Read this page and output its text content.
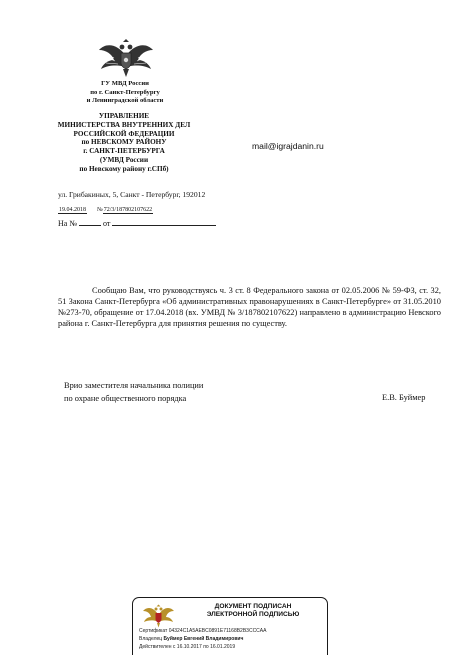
ГУ МВД России
по г. Санкт-Петербургу
и Ленинградской области
УПРАВЛЕНИЕ
МИНИСТЕРСТВА ВНУТРЕННИХ ДЕЛ
РОССИЙСКОЙ ФЕДЕРАЦИИ
по НЕВСКОМУ РАЙОНУ
г. САНКТ-ПЕТЕРБУРГА
(УМВД России
по Невскому району г.СПб)
mail@igrajdanin.ru
ул. Грибакиных, 5, Санкт - Петербург, 192012
19.04.2018 №72/3/187802107622
На №	от

Сообщаю Вам, что руководствуясь ч. 3 ст. 8 Федерального закона от 02.05.2006 № 59-ФЗ, ст. 32, 51 Закона Санкт-Петербурга «Об административных правонарушениях в Санкт-Петербурге» от 31.05.2010 №273-70, обращение от 17.04.2018 (вх. УМВД № 3/187802107622) направлено в администрацию Невского района г. Санкт-Петербурга для принятия решения по существу.

Врио заместителя начальника полиции
по охране общественного порядка	Е.В. Буймер
ДОКУМЕНТ ПОДПИСАН
ЭЛЕКТРОННОЙ ПОДПИСЬЮ
Сертификат 04324C1A5AEBC0891E71168B2B3CCCAA
Владелец Буймер Евгений Владимирович
Действителен с 16.10.2017 по 16.01.2019
